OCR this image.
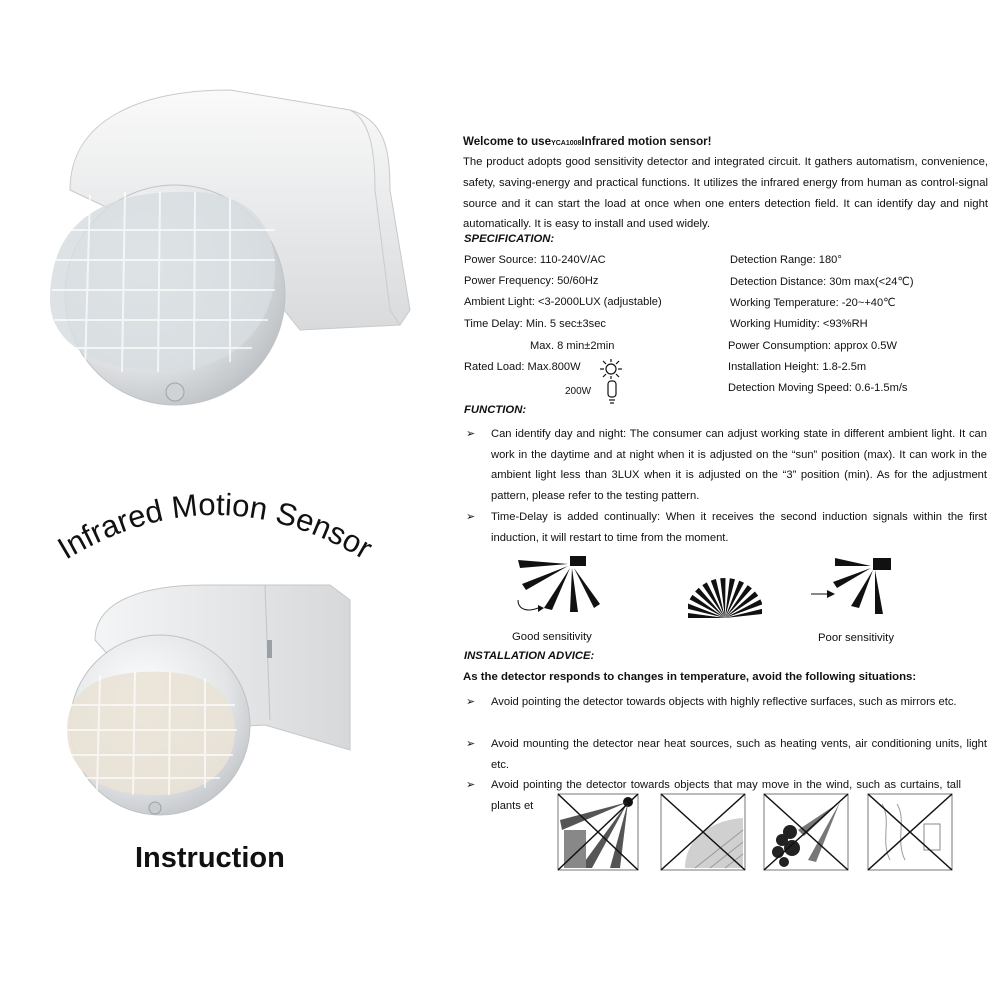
Infrared Motion Sensor
Instruction
Welcome to useYCA1008Infrared motion sensor!
The product adopts good sensitivity detector and integrated circuit. It gathers automatism, convenience, safety, saving-energy and practical functions. It utilizes the infrared energy from human as control-signal source and it can start the load at once when one enters detection field. It can identify day and night automatically. It is easy to install and used widely.
SPECIFICATION:
Power Source: 110-240V/AC
Power Frequency: 50/60Hz
Ambient Light: <3-2000LUX (adjustable)
Time Delay: Min. 5 sec±3sec
Max. 8 min±2min
Rated Load: Max.800W
200W
Detection Range: 180°
Detection Distance: 30m max(<24℃)
Working Temperature: -20~+40℃
Working Humidity: <93%RH
Power Consumption: approx 0.5W
Installation Height: 1.8-2.5m
Detection Moving Speed: 0.6-1.5m/s
FUNCTION:
➢ Can identify day and night: The consumer can adjust working state in different ambient light. It can work in the daytime and at night when it is adjusted on the “sun” position (max). It can work in the ambient light less than 3LUX when it is adjusted on the “3” position (min). As for the adjustment pattern, please refer to the testing pattern.
➢ Time-Delay is added continually: When it receives the second induction signals within the first induction, it will restart to time from the moment.
Good sensitivity	Poor sensitivity
INSTALLATION ADVICE:
As the detector responds to changes in temperature, avoid the following situations:
➢ Avoid pointing the detector towards objects with highly reflective surfaces, such as mirrors etc.
➢ Avoid mounting the detector near heat sources, such as heating vents, air conditioning units, light etc.
➢ Avoid pointing the detector towards objects that may move in the wind, such as curtains, tall plants et
